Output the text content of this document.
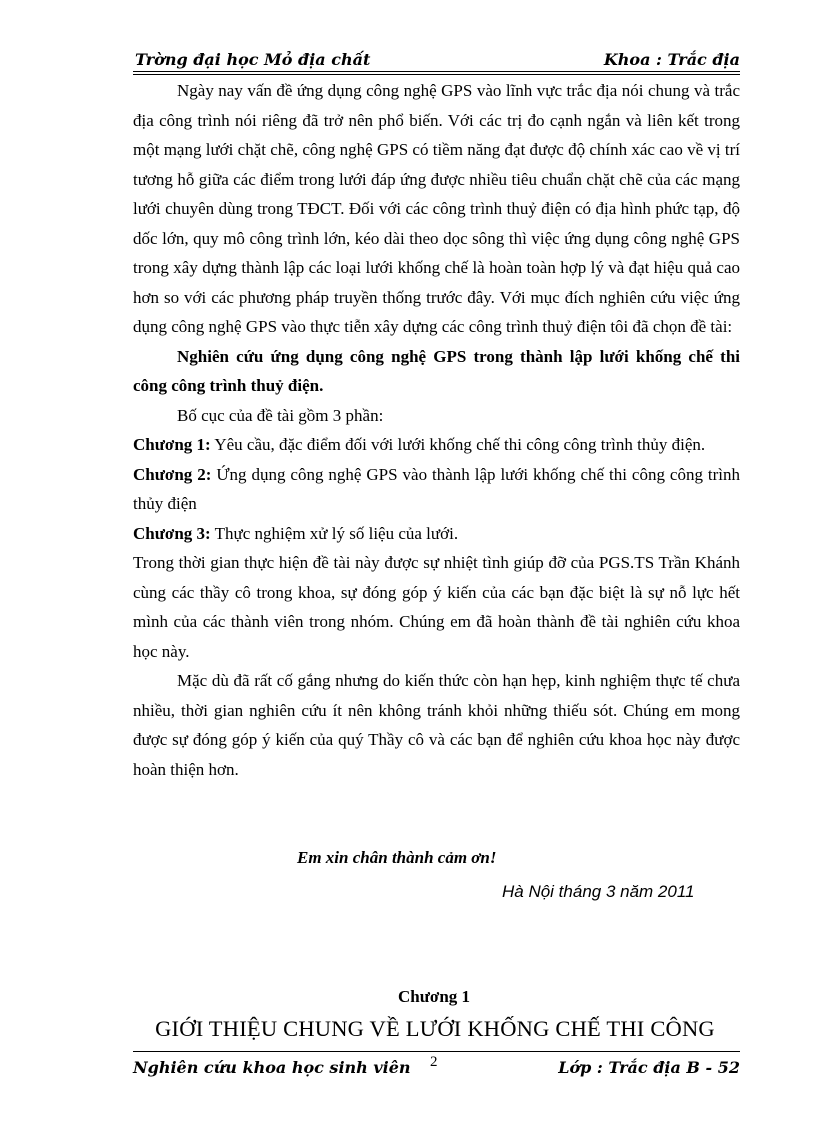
Trờng đại học Mỏ địa chất	Khoa : Trắc địa

Ngày nay vấn đề ứng dụng công nghệ GPS vào lĩnh vực trắc địa nói chung và trắc địa công trình nói riêng đã trở nên phổ biến. Với các trị đo cạnh ngắn và liên kết trong một mạng lưới chặt chẽ, công nghệ GPS có tiềm năng đạt được độ chính xác cao về vị trí tương hỗ giữa các điểm trong lưới đáp ứng được nhiều tiêu chuẩn chặt chẽ của các mạng lưới chuyên dùng trong TĐCT. Đối với các công trình thuỷ điện có địa hình phức tạp, độ dốc lớn, quy mô công trình lớn, kéo dài theo dọc sông thì việc ứng dụng công nghệ GPS trong xây dựng thành lập các loại lưới khống chế là hoàn toàn hợp lý và đạt hiệu quả cao hơn so với các phương pháp truyền thống trước đây. Với mục đích nghiên cứu việc ứng dụng công nghệ GPS vào thực tiễn xây dựng các công trình thuỷ điện tôi đã chọn đề tài:

Nghiên cứu ứng dụng công nghệ GPS trong thành lập lưới khống chế thi công công trình thuỷ điện.

Bố cục của đề tài gồm 3 phần:

Chương 1: Yêu cầu, đặc điểm đối với lưới khống chế thi công công trình thủy điện.

Chương 2: Ứng dụng công nghệ GPS vào thành lập lưới khống chế thi công công trình thủy điện

Chương 3: Thực nghiệm xử lý số liệu của lưới.

Trong thời gian thực hiện đề tài này được sự nhiệt tình giúp đỡ của PGS.TS Trần Khánh cùng các thầy cô trong khoa, sự đóng góp ý kiến của các bạn đặc biệt là sự nỗ lực hết mình của các thành viên trong nhóm. Chúng em đã hoàn thành đề tài nghiên cứu khoa học này.

Mặc dù đã rất cố gắng nhưng do kiến thức còn hạn hẹp, kinh nghiệm thực tế chưa nhiều, thời gian nghiên cứu ít nên không tránh khỏi những thiếu sót. Chúng em mong được sự đóng góp ý kiến của quý Thầy cô và các bạn để nghiên cứu khoa học này được hoàn thiện hơn.

Em xin chân thành cảm ơn!
Hà Nội tháng 3 năm 2011
Chương 1
GIỚI THIỆU CHUNG VỀ LƯỚI KHỐNG CHẾ THI CÔNG
Nghiên cứu khoa học sinh viên 2	Lớp : Trắc địa B - 52
